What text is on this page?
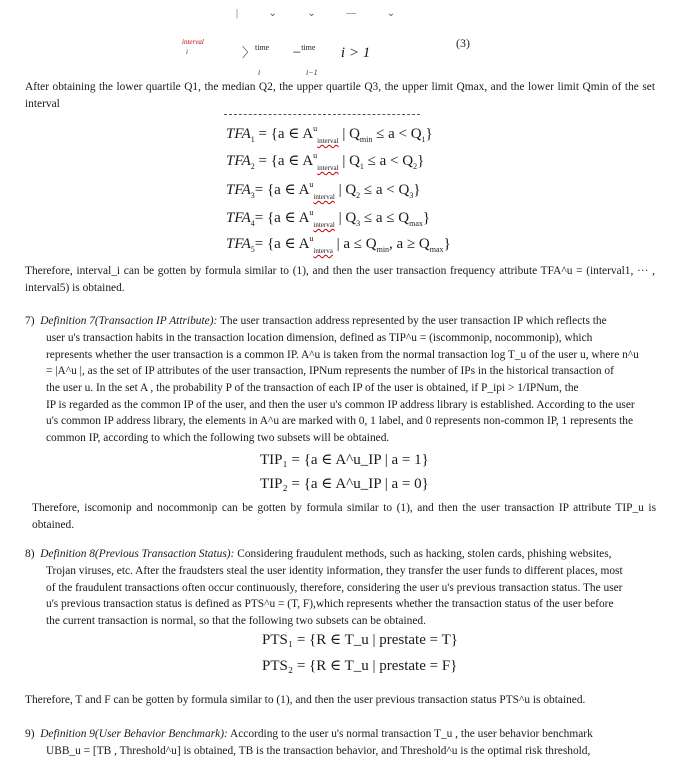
| ⌄ ⌄ — ⌄
interval
i	〉$^{time}$ −$^{time}$ i > 1
i	i−1
(3)
After obtaining the lower quartile Q1, the median Q2, the upper quartile Q3, the upper limit Qmax, and the lower limit Qmin of the set interval
$TFA_1 = \{a$ ∈ $A^u_{interval}$ | $Q_{min} \le a < Q_1$}
$TFA_2 = \{a$ ∈ $A^u_{interval}$ | $Q_1 \le a < Q_2$}
$TFA_3= \{a$ ∈ $A^u_{interval}$ | $Q_2 \le a < Q_3$}
$TFA_4= \{a$ ∈ $A^u_{interval}$ | $Q_3 \le a \le Q_{max}$}
$TFA_5= \{a$ ∈ $A^u_{interva}$ | $a \le Q_{min}$, $a \ge Q_{max}$}
Therefore, interval_i can be gotten by formula similar to (1), and then the user transaction frequency attribute TFA^u = (interval1, ··· , interval5) is obtained.
7) Definition 7(Transaction IP Attribute): The user transaction address represented by the user transaction IP which reflects the
user u's transaction habits in the transaction location dimension, defined as TIP^u = (iscommonip, nocommonip), which
represents whether the user transaction is a common IP. A^u is taken from the normal transaction log T_u of the user u, where n^u
= |A^u |, as the set of IP attributes of the user transaction, IPNum represents the number of IPs in the historical transaction of
the user u. In the set A , the probability P of the transaction of each IP of the user is obtained, if P_ipi > 1/IPNum, the
IP is regarded as the common IP of the user, and then the user u's common IP address library is established. According to the user
u's common IP address library, the elements in A^u are marked with 0, 1 label, and 0 represents non-common IP, 1 represents the
common IP, according to which the following two subsets will be obtained.
TIP₁ = {a ∈ A^u_IP | a = 1}
TIP₂ = {a ∈ A^u_IP | a = 0}
Therefore, iscomonip and nocommonip can be gotten by formula similar to (1), and then the user transaction IP attribute TIP_u is obtained.
8) Definition 8(Previous Transaction Status): Considering fraudulent methods, such as hacking, stolen cards, phishing websites,
Trojan viruses, etc. After the fraudsters steal the user identity information, they transfer the user funds to different places, most
of the fraudulent transactions often occur continuously, therefore, considering the user u's previous transaction status. The user
u's previous transaction status is defined as PTS^u = (T, F),which represents whether the transaction status of the user before
the current transaction is normal, so that the following two subsets can be obtained.
PTS₁ = {R ∈ T_u | prestate = T}
PTS₂ = {R ∈ T_u | prestate = F}
Therefore, T and F can be gotten by formula similar to (1), and then the user previous transaction status PTS^u is obtained.
9) Definition 9(User Behavior Benchmark): According to the user u's normal transaction T_u , the user behavior benchmark
UBB_u = [TB , Threshold^u] is obtained, TB is the transaction behavior, and Threshold^u is the optimal risk threshold,
